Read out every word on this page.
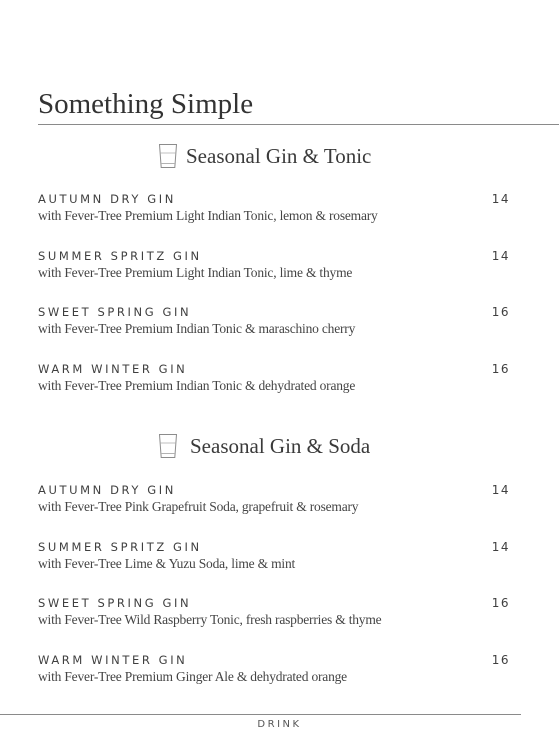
Something Simple
Seasonal Gin & Tonic
AUTUMN DRY GIN	14
with Fever-Tree Premium Light Indian Tonic, lemon & rosemary
SUMMER SPRITZ GIN	14
with Fever-Tree Premium Light Indian Tonic, lime & thyme
SWEET SPRING GIN	16
with Fever-Tree Premium Indian Tonic & maraschino cherry
WARM WINTER GIN	16
with Fever-Tree Premium Indian Tonic & dehydrated orange
Seasonal Gin & Soda
AUTUMN DRY GIN	14
with Fever-Tree Pink Grapefruit Soda, grapefruit & rosemary
SUMMER SPRITZ GIN	14
with Fever-Tree Lime & Yuzu Soda, lime & mint
SWEET SPRING GIN	16
with Fever-Tree Wild Raspberry Tonic, fresh raspberries & thyme
WARM WINTER GIN	16
with Fever-Tree Premium Ginger Ale & dehydrated orange
DRINK
